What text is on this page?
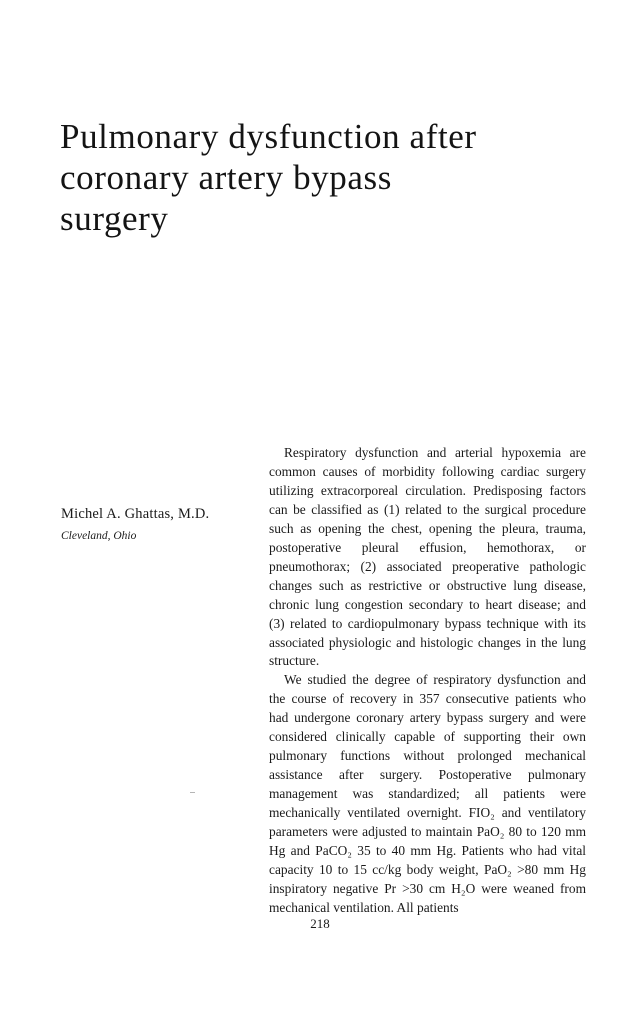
Pulmonary dysfunction after
coronary artery bypass
surgery
Michel A. Ghattas, M.D.
Cleveland, Ohio

Respiratory dysfunction and arterial hypoxemia are common causes of morbidity following cardiac surgery utilizing extracorporeal circulation. Predisposing factors can be classified as (1) related to the surgical procedure such as opening the chest, opening the pleura, trauma, postoperative pleural effusion, hemothorax, or pneumothorax; (2) associated preoperative pathologic changes such as restrictive or obstructive lung disease, chronic lung congestion secondary to heart disease; and (3) related to cardiopulmonary bypass technique with its associated physiologic and histologic changes in the lung structure.

We studied the degree of respiratory dysfunction and the course of recovery in 357 consecutive patients who had undergone coronary artery bypass surgery and were considered clinically capable of supporting their own pulmonary functions without prolonged mechanical assistance after surgery. Postoperative pulmonary management was standardized; all patients were mechanically ventilated overnight. FIO₂ and ventilatory parameters were adjusted to maintain PaO₂ 80 to 120 mm Hg and PaCO₂ 35 to 40 mm Hg. Patients who had vital capacity 10 to 15 cc/kg body weight, PaO₂ >80 mm Hg inspiratory negative Pr >30 cm H₂O were weaned from mechanical ventilation. All patients

218
